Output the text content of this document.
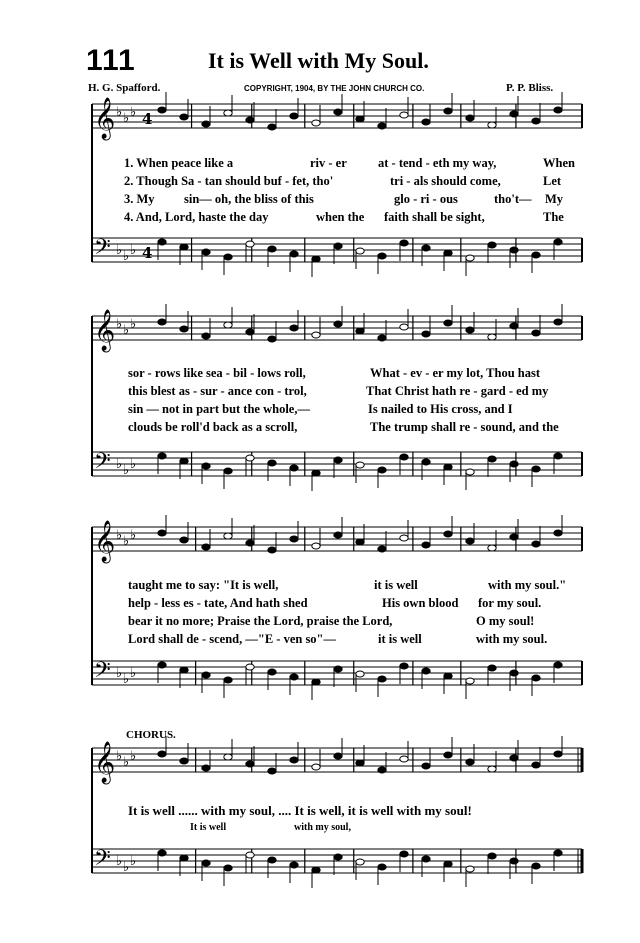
111	It is Well with My Soul.
H. G. Spafford.	COPYRIGHT, 1904, BY THE JOHN CHURCH CO.	P. P. Bliss.
𝄞 ♭ ♭ ♭ 4
𝄢 ♭ ♭ ♭ 4
𝄞 ♭ ♭ ♭
𝄢 ♭ ♭ ♭
𝄞 ♭ ♭ ♭
𝄢 ♭ ♭ ♭
𝄞 ♭ ♭ ♭
𝄢 ♭ ♭ ♭
1. When peace like a	riv - er at - tend - eth my way,	When
2. Though Sa - tan should buf - fet, tho'	tri - als should come,	Let
3. My sin— oh, the bliss of this	glo - ri - ous	tho't— My
4. And, Lord, haste the day	when the faith shall be sight,	The
sor - rows like sea - bil - lows roll,	What - ev - er my lot, Thou hast
this blest as - sur - ance con - trol,	That Christ hath re - gard - ed my
sin — not in part but the whole,—	Is nailed to His cross, and I
clouds be roll'd back as a scroll,	The trump shall re - sound, and the
taught me to say: "It is well,	it is well	with my soul."
help - less es - tate, And hath shed	His own blood for my soul.
bear it no more; Praise the Lord, praise the Lord,	O my soul!
Lord shall de - scend, —"E - ven so"—	it is well	with my soul.
CHORUS.
It is well ...... with my soul, .... It is well, it is well with my soul!
It is well	with my soul,
